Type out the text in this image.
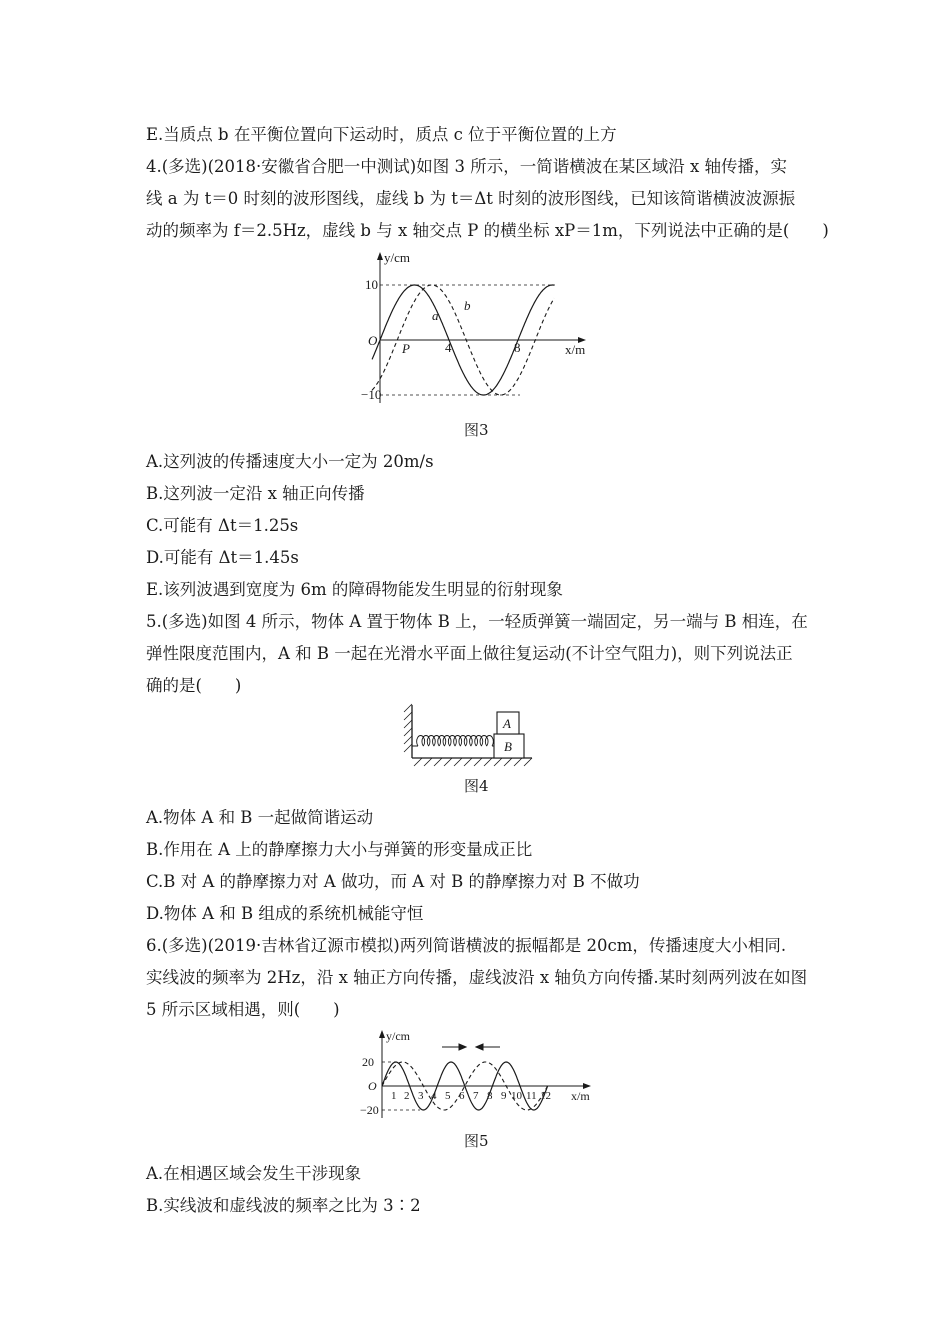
E.当质点 b 在平衡位置向下运动时，质点 c 位于平衡位置的上方
4.(多选)(2018·安徽省合肥一中测试)如图 3 所示，一简谐横波在某区域沿 x 轴传播，实
线 a 为 t＝0 时刻的波形图线，虚线 b 为 t＝Δt 时刻的波形图线，已知该简谐横波波源振
动的频率为 f＝2.5Hz，虚线 b 与 x 轴交点 P 的横坐标 xP＝1m，下列说法中正确的是(　　)
y/cm
O
10
−10
P	4	8
a
b
x/m
图3
A.这列波的传播速度大小一定为 20m/s
B.这列波一定沿 x 轴正向传播
C.可能有 Δt＝1.25s
D.可能有 Δt＝1.45s
E.该列波遇到宽度为 6m 的障碍物能发生明显的衍射现象
5.(多选)如图 4 所示，物体 A 置于物体 B 上，一轻质弹簧一端固定，另一端与 B 相连，在
弹性限度范围内，A 和 B 一起在光滑水平面上做往复运动(不计空气阻力)，则下列说法正
确的是(　　)
A
B
图4
A.物体 A 和 B 一起做简谐运动
B.作用在 A 上的静摩擦力大小与弹簧的形变量成正比
C.B 对 A 的静摩擦力对 A 做功，而 A 对 B 的静摩擦力对 B 不做功
D.物体 A 和 B 组成的系统机械能守恒
6.(多选)(2019·吉林省辽源市模拟)两列简谐横波的振幅都是 20cm，传播速度大小相同.
实线波的频率为 2Hz，沿 x 轴正方向传播，虚线波沿 x 轴负方向传播.某时刻两列波在如图
5 所示区域相遇，则(　　)
y/cm
O
20
−20
1 2 3 4 5 6 7 8 9 10 11 12 x/m
图5
A.在相遇区域会发生干涉现象
B.实线波和虚线波的频率之比为 3∶2
